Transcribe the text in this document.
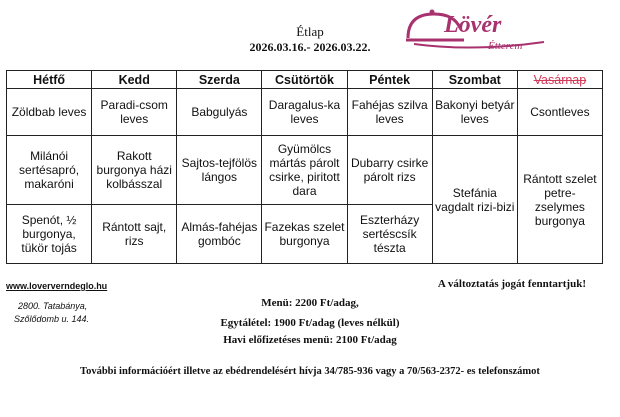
Étlap
2026.03.16.- 2026.03.22.
Lövér
Étterem
Hétfő	Kedd	Szerda	Csütörtök	Péntek	Szombat	Vasárnap
Zöldbab leves	Paradi-csom leves	Babgulyás	Daragalus-ka leves	Fahéjas szilva leves	Bakonyi betyár leves	Csontleves
Milánói sertésapró, makaróni	Rakott burgonya házi kolbásszal	Sajtos-tejfölös lángos	Gyümölcs mártás párolt csirke, piritott dara	Dubarry csirke párolt rizs	Stefánia vagdalt rizi-bizi	Rántott szelet petre-zselymes burgonya
Spenót, ½ burgonya, tükör tojás	Rántott sajt, rizs	Almás-fahéjas gombóc	Fazekas szelet burgonya	Eszterházy sertéscsík tészta		
www.loververndeglo.hu	A változtatás jogát fenntartjuk!
2800. Tatabánya,
Szőlődomb u. 144.
Menü: 2200 Ft/adag,
Egytálétel: 1900 Ft/adag (leves nélkül)
Havi előfizetéses menü: 2100 Ft/adag
További információért illetve az ebédrendelésért hívja 34/785-936 vagy a 70/563-2372- es telefonszámot
